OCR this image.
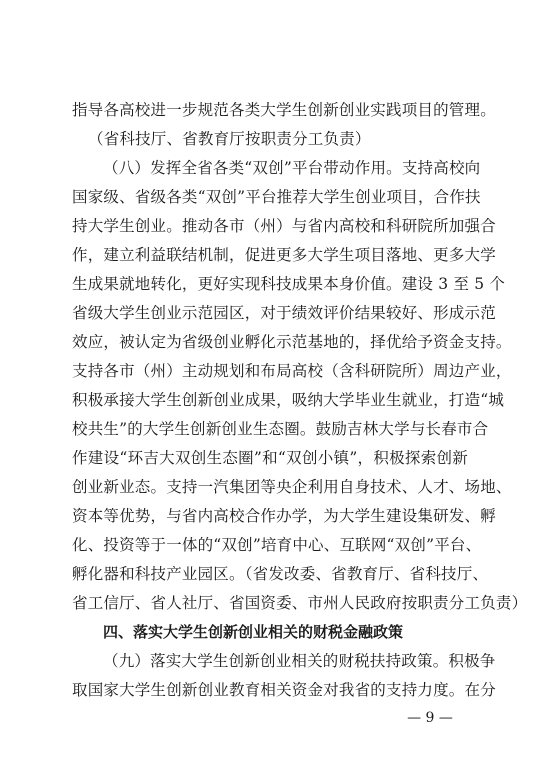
指导各高校进一步规范各类大学生创新创业实践项目的管理。
（省科技厅、省教育厅按职责分工负责）
（八）发挥全省各类“双创”平台带动作用。支持高校向
国家级、省级各类“双创”平台推荐大学生创业项目，合作扶
持大学生创业。推动各市（州）与省内高校和科研院所加强合
作，建立利益联结机制，促进更多大学生项目落地、更多大学
生成果就地转化，更好实现科技成果本身价值。建设 3 至 5 个
省级大学生创业示范园区，对于绩效评价结果较好、形成示范
效应，被认定为省级创业孵化示范基地的，择优给予资金支持。
支持各市（州）主动规划和布局高校（含科研院所）周边产业，
积极承接大学生创新创业成果，吸纳大学毕业生就业，打造“城
校共生”的大学生创新创业生态圈。鼓励吉林大学与长春市合
作建设“环吉大双创生态圈”和“双创小镇”，积极探索创新
创业新业态。支持一汽集团等央企利用自身技术、人才、场地、
资本等优势，与省内高校合作办学，为大学生建设集研发、孵
化、投资等于一体的“双创”培育中心、互联网“双创”平台、
孵化器和科技产业园区。（省发改委、省教育厅、省科技厅、
省工信厅、省人社厅、省国资委、市州人民政府按职责分工负责）
四、落实大学生创新创业相关的财税金融政策
（九）落实大学生创新创业相关的财税扶持政策。积极争
取国家大学生创新创业教育相关资金对我省的支持力度。在分
— 9 —
